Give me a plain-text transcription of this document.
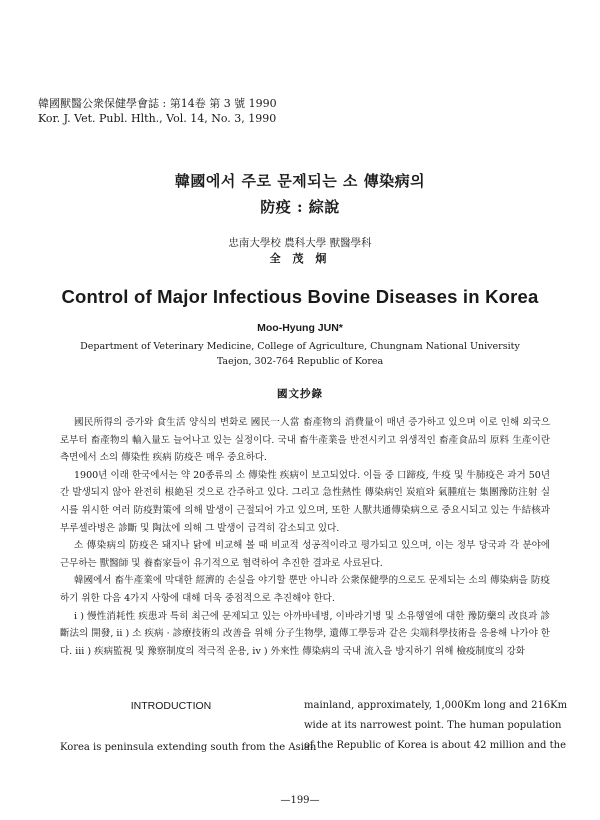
韓國獸醫公衆保健學會誌 : 第14卷 第 3 號 1990
Kor. J. Vet. Publ. Hlth., Vol. 14, No. 3, 1990
韓國에서 주로 문제되는 소 傳染病의
防疫 : 綜說
忠南大學校 農科大學 獸醫學科
全 茂 炯
Control of Major Infectious Bovine Diseases in Korea
Moo-Hyung JUN*
Department of Veterinary Medicine, College of Agriculture, Chungnam National University
Taejon, 302-764 Republic of Korea
國文抄錄

國民所得의 증가와 食生活 양식의 변화로 國民一人當 畜產物의 消費量이 매년 증가하고 있으며 이로 인해 외국으로부터 畜產物의 輸入量도 늘어나고 있는 실정이다. 국내 畜牛產業을 반전시키고 위생적인 畜產食品의 原料 生產이란 측면에서 소의 傳染性 疾病 防疫은 매우 중요하다.

1900년 이래 한국에서는 약 20종류의 소 傳染性 疾病이 보고되었다. 이들 중 口蹄疫, 牛疫 및 牛肺疫은 과거 50년간 발생되지 않아 완전히 根絶된 것으로 간주하고 있다. 그리고 急性熱性 傳染病인 炭疽와 氣腫疽는 集團豫防注射 실시를 위시한 여러 防疫對策에 의해 발생이 근절되어 가고 있으며, 또한 人獸共通傳染病으로 중요시되고 있는 牛結核과 부루셀라병은 診斷 및 陶汰에 의해 그 발생이 급격히 감소되고 있다.

소 傳染病의 防疫은 돼지나 닭에 비교해 볼 때 비교적 성공적이라고 평가되고 있으며, 이는 정부 당국과 각 분야에 근무하는 獸醫師 및 養畜家들이 유기적으로 협력하여 추진한 결과로 사료된다.

韓國에서 畜牛產業에 막대한 經濟的 손실을 야기할 뿐만 아니라 公衆保健學的으로도 문제되는 소의 傳染病을 防疫하기 위한 다음 4가지 사항에 대해 더욱 중점적으로 추진해야 한다.

i ) 慢性消耗性 疾患과 특히 최근에 문제되고 있는 아까바네병, 이바라기병 및 소유행열에 대한 豫防藥의 改良과 診斷法의 開發, ii ) 소 疾病 · 診療技術의 改善을 위해 分子生物學, 遺傳工學등과 같은 尖端科學技術을 응용해 나가야 한다. iii ) 疾病監視 및 豫察制度의 적극적 운용, iv ) 外來性 傳染病의 국내 流入을 방지하기 위해 檢疫制度의 강화

INTRODUCTION

Korea is peninsula extending south from the Asian

mainland, approximately, 1,000Km long and 216Km
wide at its narrowest point. The human population
of the Republic of Korea is about 42 million and the
—199—
